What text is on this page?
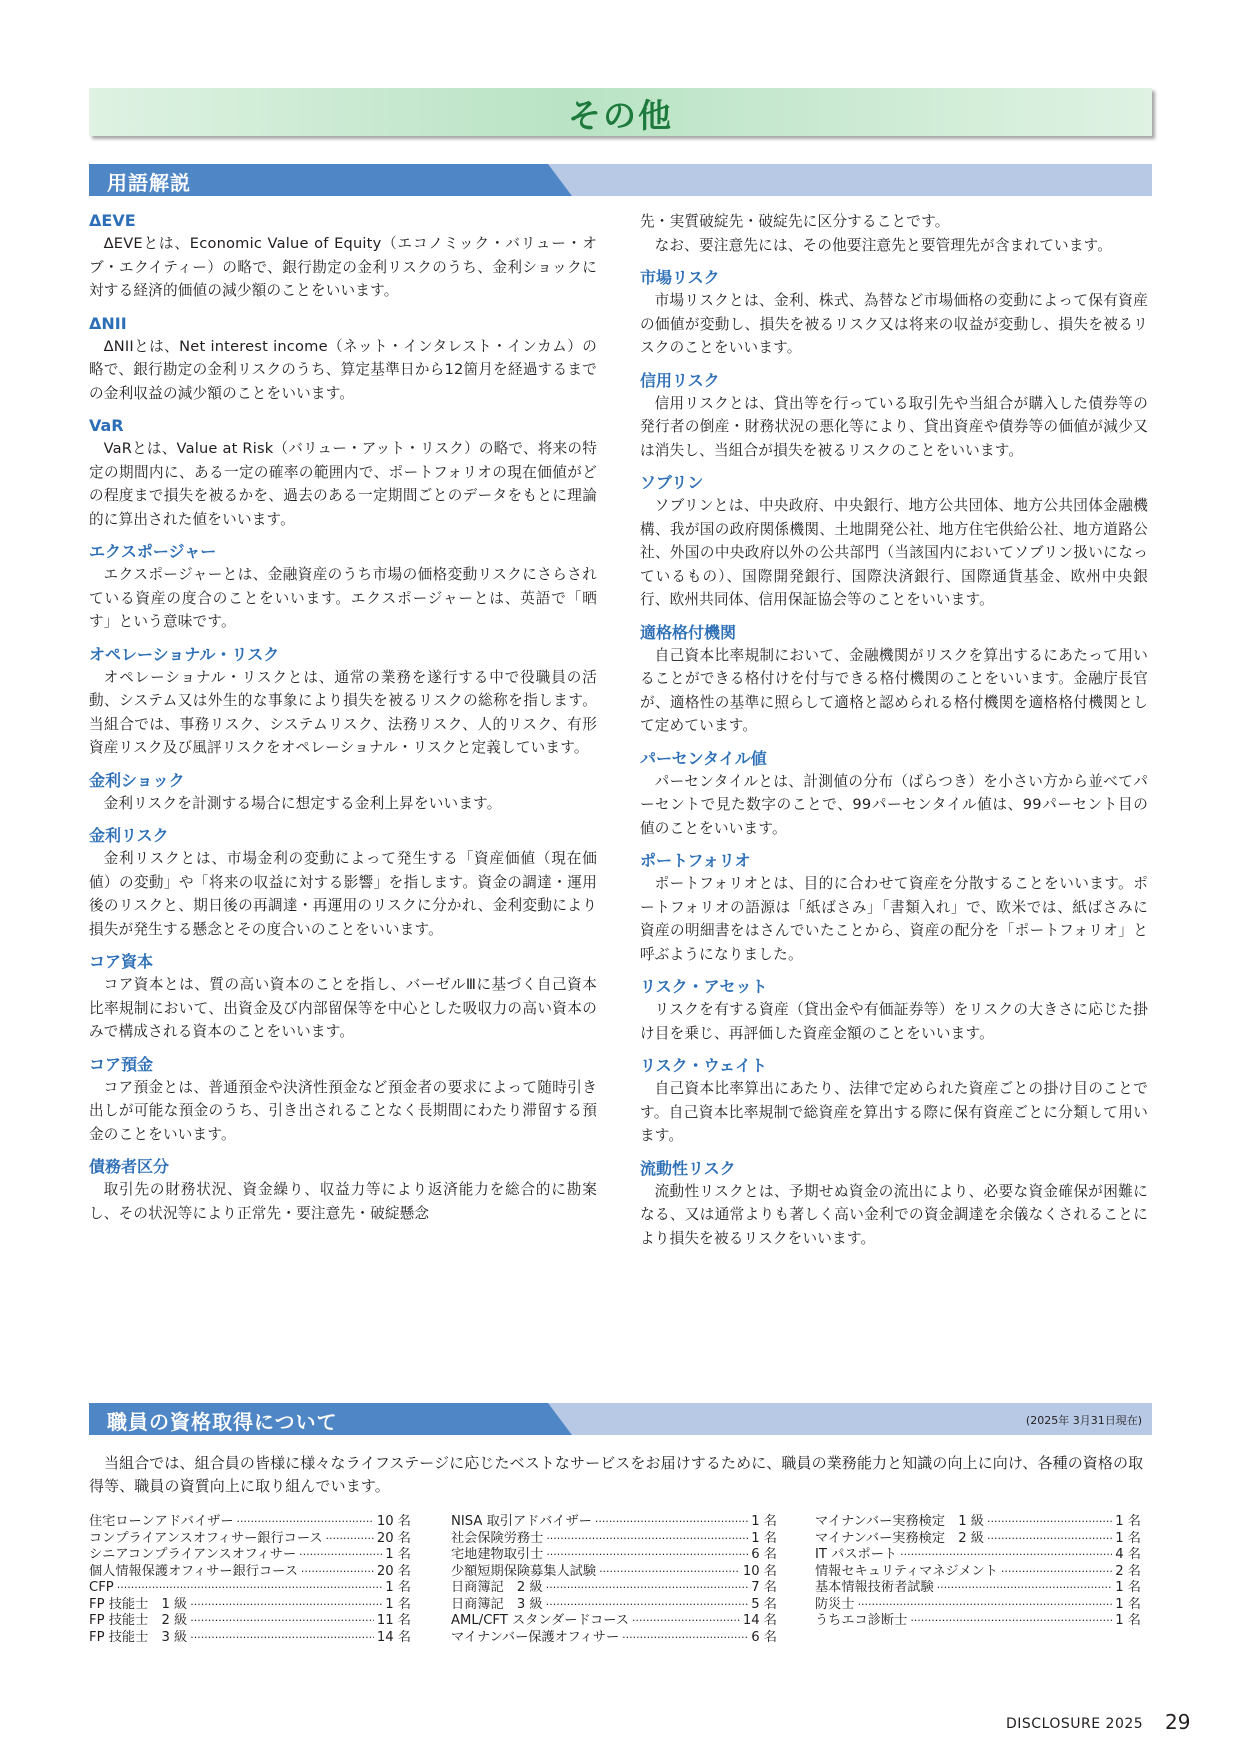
その他
用語解説
ΔEVE
ΔEVEとは、Economic Value of Equity（エコノミック・バリュー・オブ・エクイティー）の略で、銀行勘定の金利リスクのうち、金利ショックに対する経済的価値の減少額のことをいいます。
ΔNII
ΔNIIとは、Net interest income（ネット・インタレスト・インカム）の略で、銀行勘定の金利リスクのうち、算定基準日から12箇月を経過するまでの金利収益の減少額のことをいいます。
VaR
VaRとは、Value at Risk（バリュー・アット・リスク）の略で、将来の特定の期間内に、ある一定の確率の範囲内で、ポートフォリオの現在価値がどの程度まで損失を被るかを、過去のある一定期間ごとのデータをもとに理論的に算出された値をいいます。
エクスポージャー
エクスポージャーとは、金融資産のうち市場の価格変動リスクにさらされている資産の度合のことをいいます。エクスポージャーとは、英語で「晒す」という意味です。
オペレーショナル・リスク
オペレーショナル・リスクとは、通常の業務を遂行する中で役職員の活動、システム又は外生的な事象により損失を被るリスクの総称を指します。当組合では、事務リスク、システムリスク、法務リスク、人的リスク、有形資産リスク及び風評リスクをオペレーショナル・リスクと定義しています。
金利ショック
金利リスクを計測する場合に想定する金利上昇をいいます。
金利リスク
金利リスクとは、市場金利の変動によって発生する「資産価値（現在価値）の変動」や「将来の収益に対する影響」を指します。資金の調達・運用後のリスクと、期日後の再調達・再運用のリスクに分かれ、金利変動により損失が発生する懸念とその度合いのことをいいます。
コア資本
コア資本とは、質の高い資本のことを指し、バーゼルⅢに基づく自己資本比率規制において、出資金及び内部留保等を中心とした吸収力の高い資本のみで構成される資本のことをいいます。
コア預金
コア預金とは、普通預金や決済性預金など預金者の要求によって随時引き出しが可能な預金のうち、引き出されることなく長期間にわたり滞留する預金のことをいいます。
債務者区分
取引先の財務状況、資金繰り、収益力等により返済能力を総合的に勘案し、その状況等により正常先・要注意先・破綻懸念
先・実質破綻先・破綻先に区分することです。
なお、要注意先には、その他要注意先と要管理先が含まれています。
市場リスク
市場リスクとは、金利、株式、為替など市場価格の変動によって保有資産の価値が変動し、損失を被るリスク又は将来の収益が変動し、損失を被るリスクのことをいいます。
信用リスク
信用リスクとは、貸出等を行っている取引先や当組合が購入した債券等の発行者の倒産・財務状況の悪化等により、貸出資産や債券等の価値が減少又は消失し、当組合が損失を被るリスクのことをいいます。
ソブリン
ソブリンとは、中央政府、中央銀行、地方公共団体、地方公共団体金融機構、我が国の政府関係機関、土地開発公社、地方住宅供給公社、地方道路公社、外国の中央政府以外の公共部門（当該国内においてソブリン扱いになっているもの）、国際開発銀行、国際決済銀行、国際通貨基金、欧州中央銀行、欧州共同体、信用保証協会等のことをいいます。
適格格付機関
自己資本比率規制において、金融機関がリスクを算出するにあたって用いることができる格付けを付与できる格付機関のことをいいます。金融庁長官が、適格性の基準に照らして適格と認められる格付機関を適格格付機関として定めています。
パーセンタイル値
パーセンタイルとは、計測値の分布（ばらつき）を小さい方から並べてパーセントで見た数字のことで、99パーセンタイル値は、99パーセント目の値のことをいいます。
ポートフォリオ
ポートフォリオとは、目的に合わせて資産を分散することをいいます。ポートフォリオの語源は「紙ばさみ」「書類入れ」で、欧米では、紙ばさみに資産の明細書をはさんでいたことから、資産の配分を「ポートフォリオ」と呼ぶようになりました。
リスク・アセット
リスクを有する資産（貸出金や有価証券等）をリスクの大きさに応じた掛け目を乗じ、再評価した資産金額のことをいいます。
リスク・ウェイト
自己資本比率算出にあたり、法律で定められた資産ごとの掛け目のことです。自己資本比率規制で総資産を算出する際に保有資産ごとに分類して用います。
流動性リスク
流動性リスクとは、予期せぬ資金の流出により、必要な資金確保が困難になる、又は通常よりも著しく高い金利での資金調達を余儀なくされることにより損失を被るリスクをいいます。
職員の資格取得について	(2025年 3月31日現在)
当組合では、組合員の皆様に様々なライフステージに応じたベストなサービスをお届けするために、職員の業務能力と知識の向上に向け、各種の資格の取得等、職員の資質向上に取り組んでいます。
住宅ローンアドバイザー ·····	10 名
コンプライアンスオフィサー銀行コース ·····	20 名
シニアコンプライアンスオフィサー ·····	1 名
個人情報保護オフィサー銀行コース ·····	20 名
CFP ·····	1 名
FP 技能士　1 級 ·····	1 名
FP 技能士　2 級 ·····	11 名
FP 技能士　3 級 ·····	14 名
NISA 取引アドバイザー ·····	1 名
社会保険労務士 ·····	1 名
宅地建物取引士 ·····	6 名
少額短期保険募集人試験 ·····	10 名
日商簿記　2 級 ·····	7 名
日商簿記　3 級 ·····	5 名
AML/CFT スタンダードコース ·····	14 名
マイナンバー保護オフィサー ·····	6 名
マイナンバー実務検定　1 級 ·····	1 名
マイナンバー実務検定　2 級 ·····	1 名
IT パスポート ·····	4 名
情報セキュリティマネジメント ·····	2 名
基本情報技術者試験 ·····	1 名
防災士 ·····	1 名
うちエコ診断士 ·····	1 名
DISCLOSURE 2025 29
